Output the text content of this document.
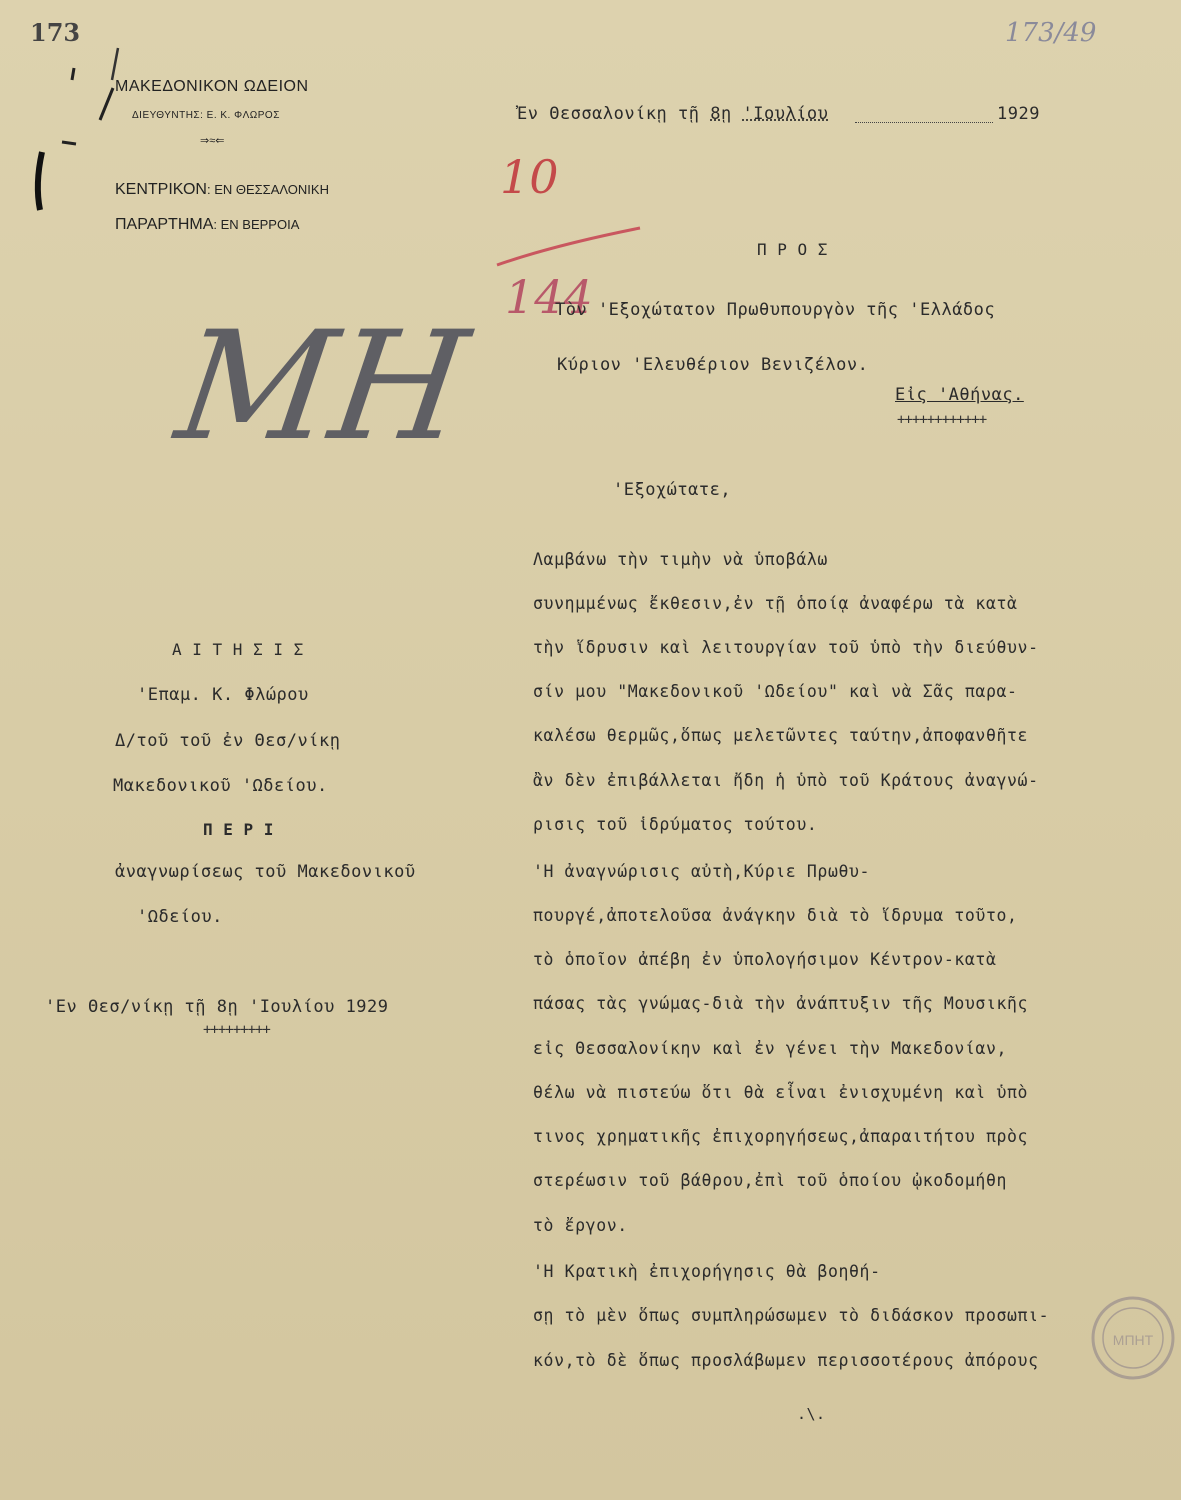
173	173/49
ΜΑΚΕΔΟΝΙΚΟΝ ΩΔΕΙΟΝ
ΔΙΕΥΘΥΝΤΗΣ: Ε. Κ. ΦΛΩΡΟΣ
⇒≈⇐
ΚΕΝΤΡΙΚΟΝ: ΕΝ ΘΕΣΣΑΛΟΝΙΚΗ
ΠΑΡΑΡΤΗΜΑ: ΕΝ ΒΕΡΡΟΙΑ
Ἐν Θεσσαλονίκῃ τῇ 8ῃ 'Ιουλίου	1929
10
144
ΜΗ
Π Ρ Ο Σ
Τὸν 'Εξοχώτατον Πρωθυπουργὸν τῆς 'Ελλάδος
Κύριον 'Ελευθέριον Βενιζέλον.
Εἰς 'Αθήνας.
++++++++++++
'Εξοχώτατε,
Α Ι Τ Η Σ Ι Σ
'Επαμ. Κ. Φλώρου
Δ/τοῦ τοῦ ἐν Θεσ/νίκῃ
Μακεδονικοῦ 'Ωδείου.
Π Ε Ρ Ι
ἀναγνωρίσεως τοῦ Μακεδονικοῦ
'Ωδείου.
'Εν Θεσ/νίκῃ τῇ 8ῃ 'Ιουλίου 1929
+++++++++
Λαμβάνω τὴν τιμὴν νὰ ὑποβάλω
συνημμένως ἔκθεσιν,ἐν τῇ ὁποίᾳ ἀναφέρω τὰ κατὰ
τὴν ἵδρυσιν καὶ λειτουργίαν τοῦ ὑπὸ τὴν διεύθυν-
σίν μου "Μακεδονικοῦ 'Ωδείου" καὶ νὰ Σᾶς παρα-
καλέσω θερμῶς,ὅπως μελετῶντες ταύτην,ἀποφανθῆτε
ἂν δὲν ἐπιβάλλεται ἤδη ἡ ὑπὸ τοῦ Κράτους ἀναγνώ-
ρισις τοῦ ἱδρύματος τούτου.
'Η ἀναγνώρισις αὐτὴ,Κύριε Πρωθυ-
πουργέ,ἀποτελοῦσα ἀνάγκην διὰ τὸ ἵδρυμα τοῦτο,
τὸ ὁποῖον ἀπέβη ἐν ὑπολογήσιμον Κέντρον-κατὰ
πάσας τὰς γνώμας-διὰ τὴν ἀνάπτυξιν τῆς Μουσικῆς
εἰς Θεσσαλονίκην καὶ ἐν γένει τὴν Μακεδονίαν,
θέλω νὰ πιστεύω ὅτι θὰ εἶναι ἐνισχυμένη καὶ ὑπὸ
τινος χρηματικῆς ἐπιχορηγήσεως,ἀπαραιτήτου πρὸς
στερέωσιν τοῦ βάθρου,ἐπὶ τοῦ ὁποίου ᾠκοδομήθη
τὸ ἔργον.
'Η Κρατικὴ ἐπιχορήγησις θὰ βοηθή-
σῃ τὸ μὲν ὅπως συμπληρώσωμεν τὸ διδάσκον προσωπι-
κόν,τὸ δὲ ὅπως προσλάβωμεν περισσοτέρους ἀπόρους
.\.
ΜΠΗΤ
